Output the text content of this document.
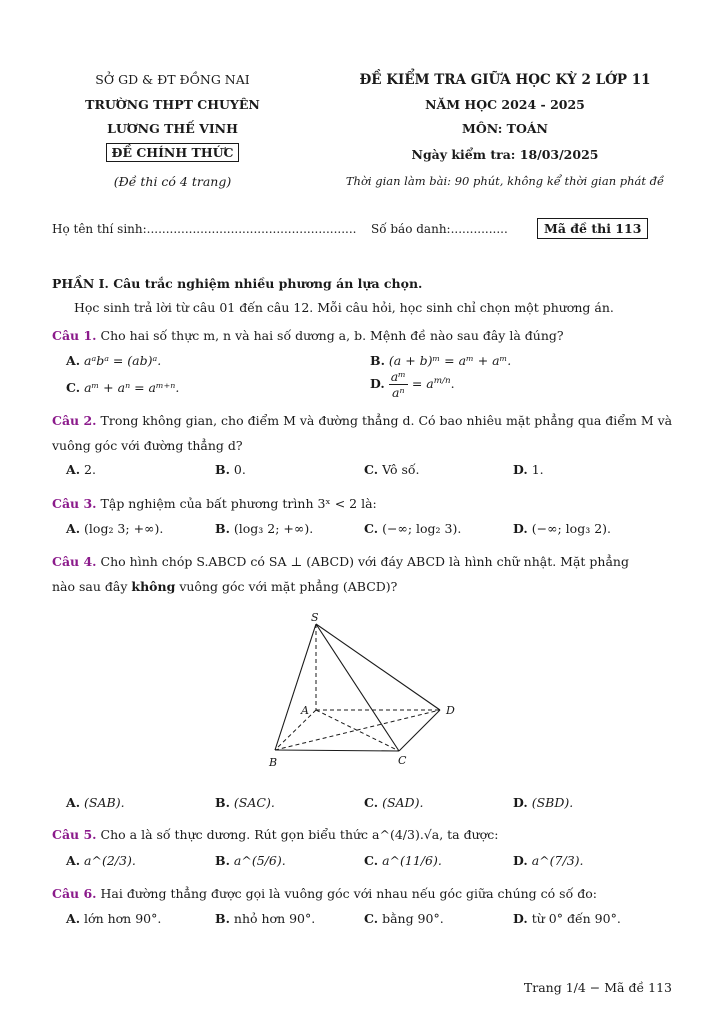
SỞ GD & ĐT ĐỒNG NAI
TRƯỜNG THPT CHUYÊN
LƯƠNG THẾ VINH
ĐỀ CHÍNH THỨC
(Đề thi có 4 trang)
ĐỀ KIỂM TRA GIỮA HỌC KỲ 2 LỚP 11
NĂM HỌC 2024 - 2025
MÔN: TOÁN
Ngày kiểm tra: 18/03/2025
Thời gian làm bài: 90 phút, không kể thời gian phát đề
Họ tên thí sinh:....................................................... Số báo danh:...............	Mã đề thi 113
PHẦN I. Câu trắc nghiệm nhiều phương án lựa chọn.
Học sinh trả lời từ câu 01 đến câu 12. Mỗi câu hỏi, học sinh chỉ chọn một phương án.
Câu 1. Cho hai số thực m, n và hai số dương a, b. Mệnh đề nào sau đây là đúng?
A. aᵃbᵃ = (ab)ᵃ.	B. (a + b)ᵐ = aᵐ + aᵐ.
C. aᵐ + aⁿ = aᵐ⁺ⁿ.	D. $\frac{\text{aᵐ}}{\text{aⁿ}} = a^{m/n}$.
Câu 2. Trong không gian, cho điểm M và đường thẳng d. Có bao nhiêu mặt phẳng qua điểm M và
vuông góc với đường thẳng d?
A. 2.	B. 0.	C. Vô số.	D. 1.
Câu 3. Tập nghiệm của bất phương trình 3ˣ < 2 là:
A. (log₂ 3; +∞).	B. (log₃ 2; +∞).	C. (−∞; log₂ 3).	D. (−∞; log₃ 2).
Câu 4. Cho hình chóp S.ABCD có SA ⊥ (ABCD) với đáy ABCD là hình chữ nhật. Mặt phẳng
nào sau đây không vuông góc với mặt phẳng (ABCD)?
S
A
B	C
D
A. (SAB).	B. (SAC).	C. (SAD).	D. (SBD).
Câu 5. Cho a là số thực dương. Rút gọn biểu thức a^(4/3).√a, ta được:
A. a^(2/3).	B. a^(5/6).	C. a^(11/6).	D. a^(7/3).
Câu 6. Hai đường thẳng được gọi là vuông góc với nhau nếu góc giữa chúng có số đo:
A. lớn hơn 90°.	B. nhỏ hơn 90°.	C. bằng 90°.	D. từ 0° đến 90°.
Trang 1/4 − Mã đề 113
